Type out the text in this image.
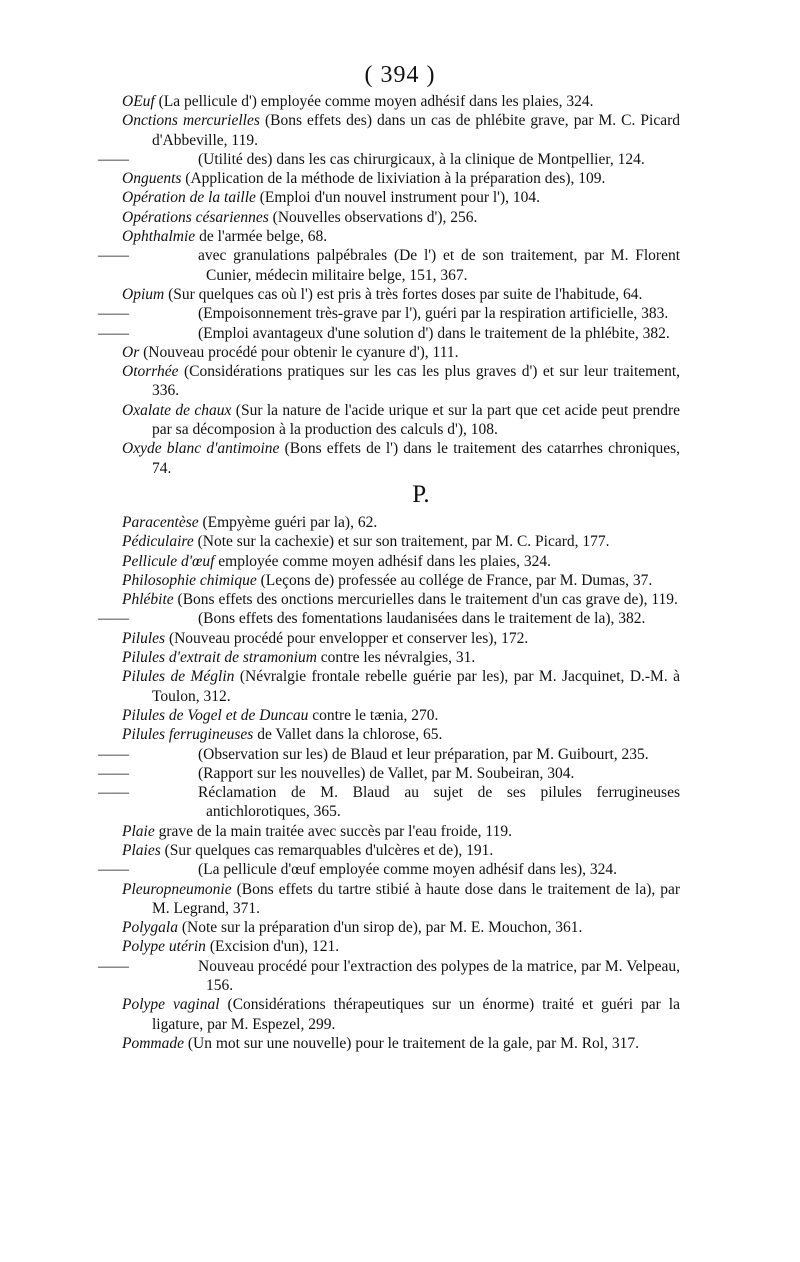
( 394 )
OEuf (La pellicule d') employée comme moyen adhésif dans les plaies, 324.
Onctions mercurielles (Bons effets des) dans un cas de phlébite grave, par M. C. Picard d'Abbeville, 119.
——	(Utilité des) dans les cas chirurgicaux, à la clinique de Montpellier, 124.
Onguents (Application de la méthode de lixiviation à la préparation des), 109.
Opération de la taille (Emploi d'un nouvel instrument pour l'), 104.
Opérations césariennes (Nouvelles observations d'), 256.
Ophthalmie de l'armée belge, 68.
——	avec granulations palpébrales (De l') et de son traitement, par M. Florent Cunier, médecin militaire belge, 151, 367.
Opium (Sur quelques cas où l') est pris à très fortes doses par suite de l'habitude, 64.
——	(Empoisonnement très-grave par l'), guéri par la respiration artificielle, 383.
——	(Emploi avantageux d'une solution d') dans le traitement de la phlébite, 382.
Or (Nouveau procédé pour obtenir le cyanure d'), 111.
Otorrhée (Considérations pratiques sur les cas les plus graves d') et sur leur traitement, 336.
Oxalate de chaux (Sur la nature de l'acide urique et sur la part que cet acide peut prendre par sa décomposion à la production des calculs d'), 108.
Oxyde blanc d'antimoine (Bons effets de l') dans le traitement des catarrhes chroniques, 74.
P.
Paracentèse (Empyème guéri par la), 62.
Pédiculaire (Note sur la cachexie) et sur son traitement, par M. C. Picard, 177.
Pellicule d'œuf employée comme moyen adhésif dans les plaies, 324.
Philosophie chimique (Leçons de) professée au collége de France, par M. Dumas, 37.
Phlébite (Bons effets des onctions mercurielles dans le traitement d'un cas grave de), 119.
——	(Bons effets des fomentations laudanisées dans le traitement de la), 382.
Pilules (Nouveau procédé pour envelopper et conserver les), 172.
Pilules d'extrait de stramonium contre les névralgies, 31.
Pilules de Méglin (Névralgie frontale rebelle guérie par les), par M. Jacquinet, D.-M. à Toulon, 312.
Pilules de Vogel et de Duncau contre le tænia, 270.
Pilules ferrugineuses de Vallet dans la chlorose, 65.
——	(Observation sur les) de Blaud et leur préparation, par M. Guibourt, 235.
——	(Rapport sur les nouvelles) de Vallet, par M. Soubeiran, 304.
——	Réclamation de M. Blaud au sujet de ses pilules ferrugineuses antichlorotiques, 365.
Plaie grave de la main traitée avec succès par l'eau froide, 119.
Plaies (Sur quelques cas remarquables d'ulcères et de), 191.
——	(La pellicule d'œuf employée comme moyen adhésif dans les), 324.
Pleuropneumonie (Bons effets du tartre stibié à haute dose dans le traitement de la), par M. Legrand, 371.
Polygala (Note sur la préparation d'un sirop de), par M. E. Mouchon, 361.
Polype utérin (Excision d'un), 121.
——	Nouveau procédé pour l'extraction des polypes de la matrice, par M. Velpeau, 156.
Polype vaginal (Considérations thérapeutiques sur un énorme) traité et guéri par la ligature, par M. Espezel, 299.
Pommade (Un mot sur une nouvelle) pour le traitement de la gale, par M. Rol, 317.
